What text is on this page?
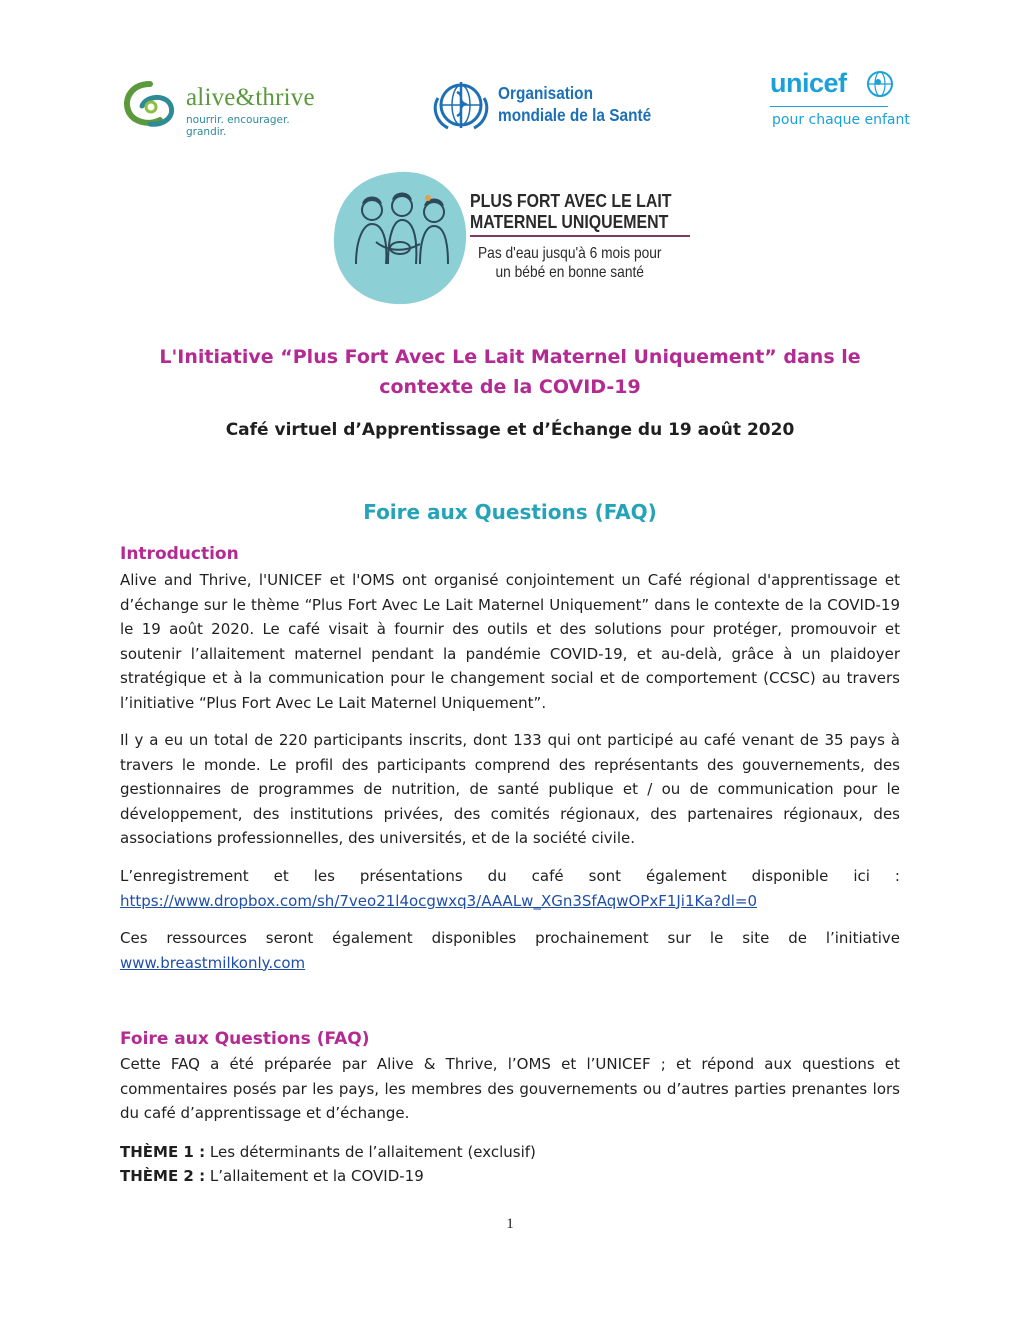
alive&thrive
nourrir. encourager. grandir.
Organisation
mondiale de la Santé
unicef
pour chaque enfant
PLUS FORT AVEC LE LAIT
MATERNEL UNIQUEMENT
Pas d'eau jusqu'à 6 mois pour
un bébé en bonne santé
L'Initiative “Plus Fort Avec Le Lait Maternel Uniquement” dans le
contexte de la COVID-19
Café virtuel d’Apprentissage et d’Échange du 19 août 2020
Foire aux Questions (FAQ)
Introduction

Alive and Thrive, l'UNICEF et l'OMS ont organisé conjointement un Café régional d'apprentissage et d’échange sur le thème “Plus Fort Avec Le Lait Maternel Uniquement” dans le contexte de la COVID-19 le 19 août 2020. Le café visait à fournir des outils et des solutions pour protéger, promouvoir et soutenir l’allaitement maternel pendant la pandémie COVID-19, et au-delà, grâce à un plaidoyer stratégique et à la communication pour le changement social et de comportement (CCSC) au travers l’initiative “Plus Fort Avec Le Lait Maternel Uniquement”.

Il y a eu un total de 220 participants inscrits, dont 133 qui ont participé au café venant de 35 pays à travers le monde. Le profil des participants comprend des représentants des gouvernements, des gestionnaires de programmes de nutrition, de santé publique et / ou de communication pour le développement, des institutions privées, des comités régionaux, des partenaires régionaux, des associations professionnelles, des universités, et de la société civile.

L’enregistrement et les présentations du café sont également disponible ici :
https://www.dropbox.com/sh/7veo21l4ocgwxq3/AAALw_XGn3SfAqwOPxF1Ji1Ka?dl=0
Ces ressources seront également disponibles prochainement sur le site de l’initiative
www.breastmilkonly.com
Foire aux Questions (FAQ)

Cette FAQ a été préparée par Alive & Thrive, l’OMS et l’UNICEF ; et répond aux questions et commentaires posés par les pays, les membres des gouvernements ou d’autres parties prenantes lors du café d’apprentissage et d’échange.

THÈME 1 : Les déterminants de l’allaitement (exclusif)
THÈME 2 : L’allaitement et la COVID-19
1
